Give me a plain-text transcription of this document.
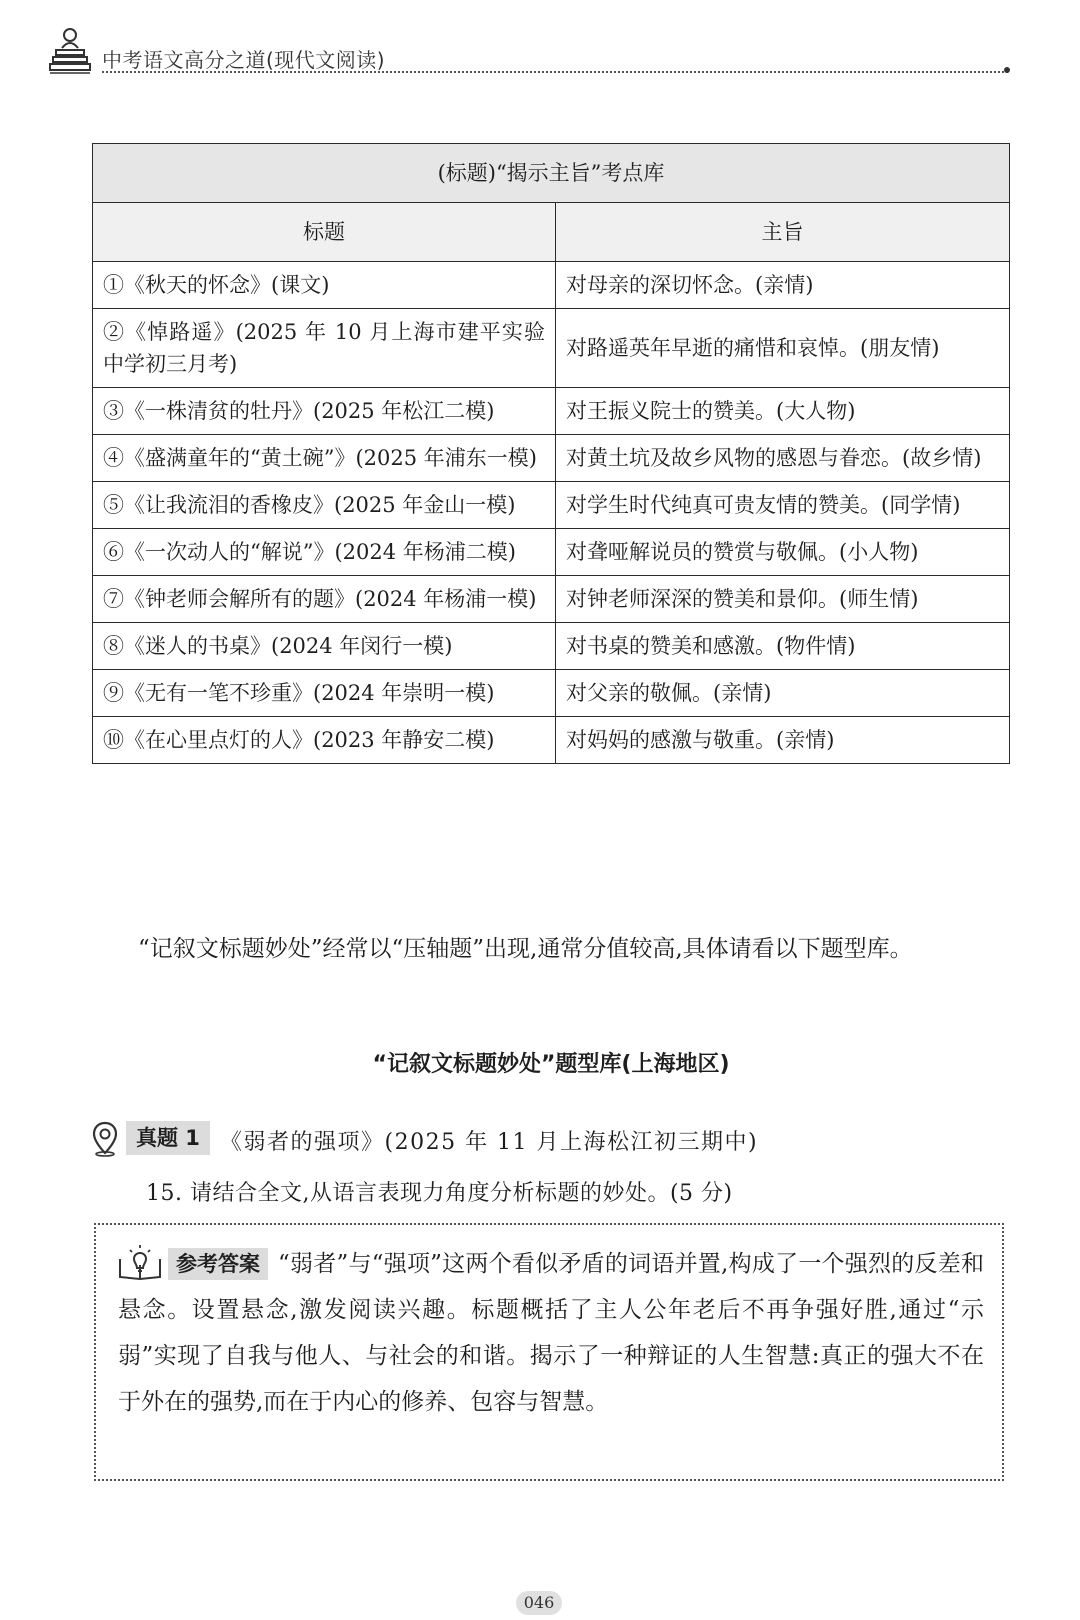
中考语文高分之道(现代文阅读)
(标题)“揭示主旨”考点库	
标题	主旨
①《秋天的怀念》(课文)	对母亲的深切怀念。(亲情)
②《悼路遥》(2025 年 10 月上海市建平实验中学初三月考)	对路遥英年早逝的痛惜和哀悼。(朋友情)
③《一株清贫的牡丹》(2025 年松江二模)	对王振义院士的赞美。(大人物)
④《盛满童年的“黄土碗”》(2025 年浦东一模)	对黄土坑及故乡风物的感恩与眷恋。(故乡情)
⑤《让我流泪的香橡皮》(2025 年金山一模)	对学生时代纯真可贵友情的赞美。(同学情)
⑥《一次动人的“解说”》(2024 年杨浦二模)	对聋哑解说员的赞赏与敬佩。(小人物)
⑦《钟老师会解所有的题》(2024 年杨浦一模)	对钟老师深深的赞美和景仰。(师生情)
⑧《迷人的书桌》(2024 年闵行一模)	对书桌的赞美和感激。(物件情)
⑨《无有一笔不珍重》(2024 年崇明一模)	对父亲的敬佩。(亲情)
⑩《在心里点灯的人》(2023 年静安二模)	对妈妈的感激与敬重。(亲情)

“记叙文标题妙处”经常以“压轴题”出现,通常分值较高,具体请看以下题型库。

“记叙文标题妙处”题型库(上海地区)
真题 1 《弱者的强项》(2025 年 11 月上海松江初三期中)
15. 请结合全文,从语言表现力角度分析标题的妙处。(5 分)
参考答案 “弱者”与“强项”这两个看似矛盾的词语并置,构成了一个强烈的反差和悬念。设置悬念,激发阅读兴趣。标题概括了主人公年老后不再争强好胜,通过“示弱”实现了自我与他人、与社会的和谐。揭示了一种辩证的人生智慧:真正的强大不在于外在的强势,而在于内心的修养、包容与智慧。
046
